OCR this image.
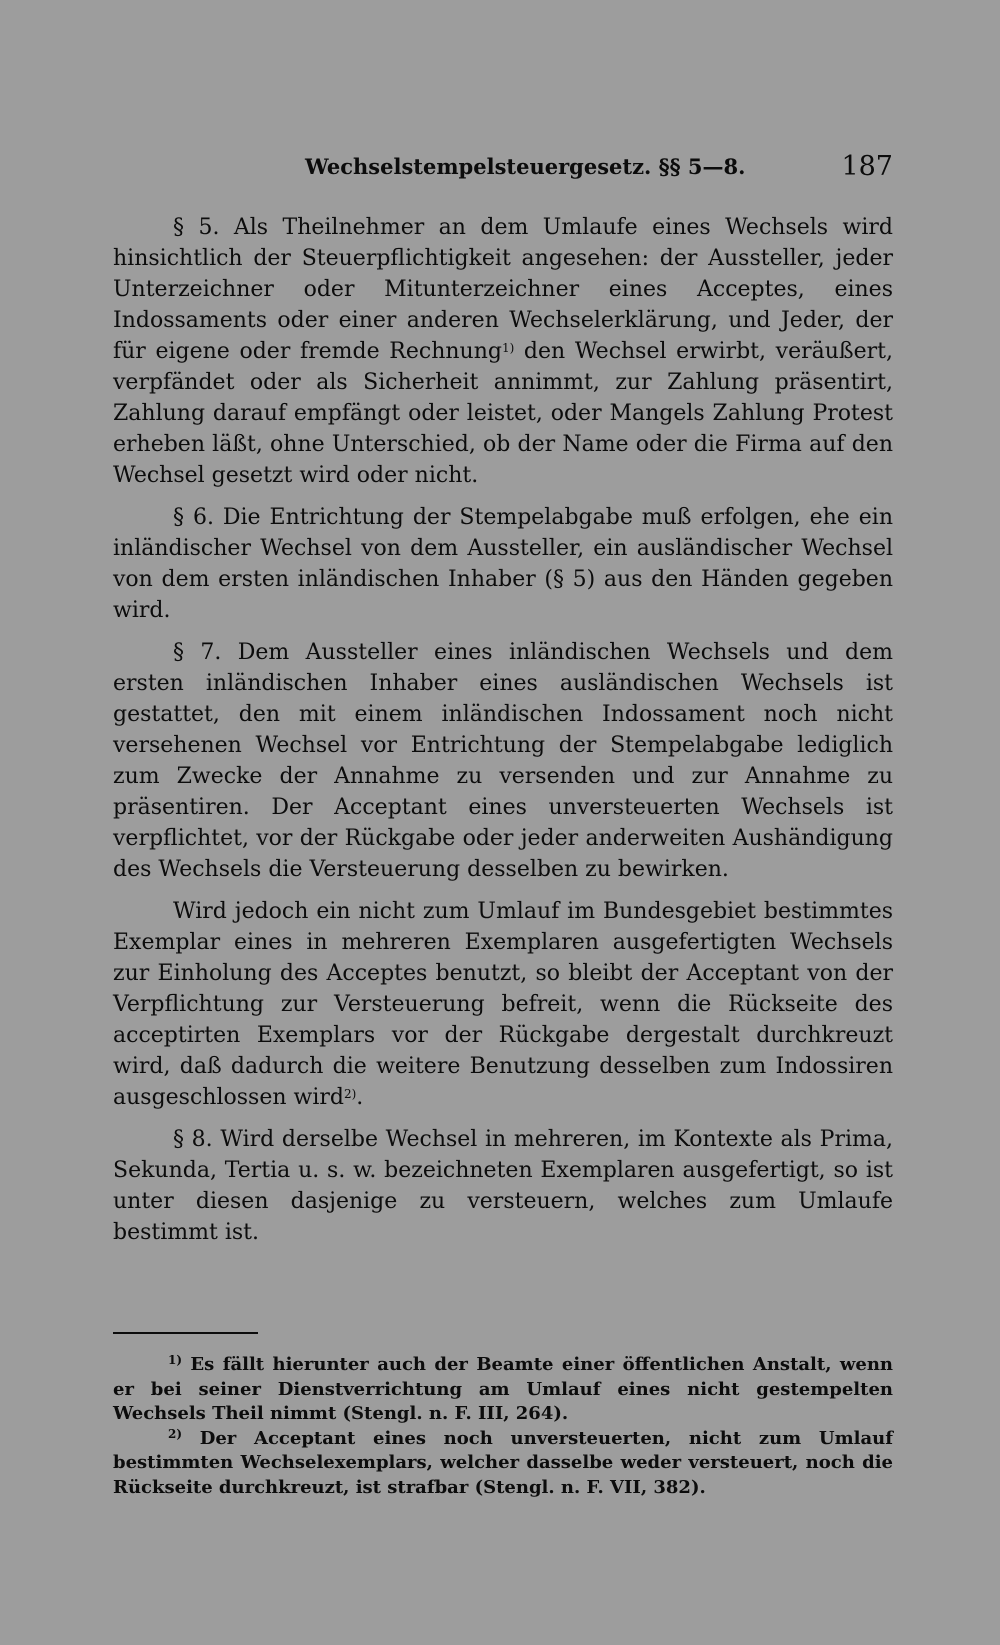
Wechselstempelsteuergesetz. §§ 5—8.	187

§ 5. Als Theilnehmer an dem Umlaufe eines Wechsels wird hinsichtlich der Steuerpflichtigkeit angesehen: der Aussteller, jeder Unterzeichner oder Mitunterzeichner eines Acceptes, eines Indossaments oder einer anderen Wechselerklärung, und Jeder, der für eigene oder fremde Rechnung$^{1)}$ den Wechsel erwirbt, veräußert, verpfändet oder als Sicherheit annimmt, zur Zahlung präsentirt, Zahlung darauf empfängt oder leistet, oder Mangels Zahlung Protest erheben läßt, ohne Unterschied, ob der Name oder die Firma auf den Wechsel gesetzt wird oder nicht.

§ 6. Die Entrichtung der Stempelabgabe muß erfolgen, ehe ein inländischer Wechsel von dem Aussteller, ein ausländischer Wechsel von dem ersten inländischen Inhaber (§ 5) aus den Händen gegeben wird.

§ 7. Dem Aussteller eines inländischen Wechsels und dem ersten inländischen Inhaber eines ausländischen Wechsels ist gestattet, den mit einem inländischen Indossament noch nicht versehenen Wechsel vor Entrichtung der Stempelabgabe lediglich zum Zwecke der Annahme zu versenden und zur Annahme zu präsentiren. Der Acceptant eines unversteuerten Wechsels ist verpflichtet, vor der Rückgabe oder jeder anderweiten Aushändigung des Wechsels die Versteuerung desselben zu bewirken.

Wird jedoch ein nicht zum Umlauf im Bundesgebiet bestimmtes Exemplar eines in mehreren Exemplaren ausgefertigten Wechsels zur Einholung des Acceptes benutzt, so bleibt der Acceptant von der Verpflichtung zur Versteuerung befreit, wenn die Rückseite des acceptirten Exemplars vor der Rückgabe dergestalt durchkreuzt wird, daß dadurch die weitere Benutzung desselben zum Indossiren ausgeschlossen wird$^{2)}$.

§ 8. Wird derselbe Wechsel in mehreren, im Kontexte als Prima, Sekunda, Tertia u. s. w. bezeichneten Exemplaren ausgefertigt, so ist unter diesen dasjenige zu versteuern, welches zum Umlaufe bestimmt ist.

$^{1)}$ Es fällt hierunter auch der Beamte einer öffentlichen Anstalt, wenn er bei seiner Dienstverrichtung am Umlauf eines nicht gestempelten Wechsels Theil nimmt (Stengl. n. F. III, 264).

$^{2)}$ Der Acceptant eines noch unversteuerten, nicht zum Umlauf bestimmten Wechselexemplars, welcher dasselbe weder versteuert, noch die Rückseite durchkreuzt, ist strafbar (Stengl. n. F. VII, 382).
